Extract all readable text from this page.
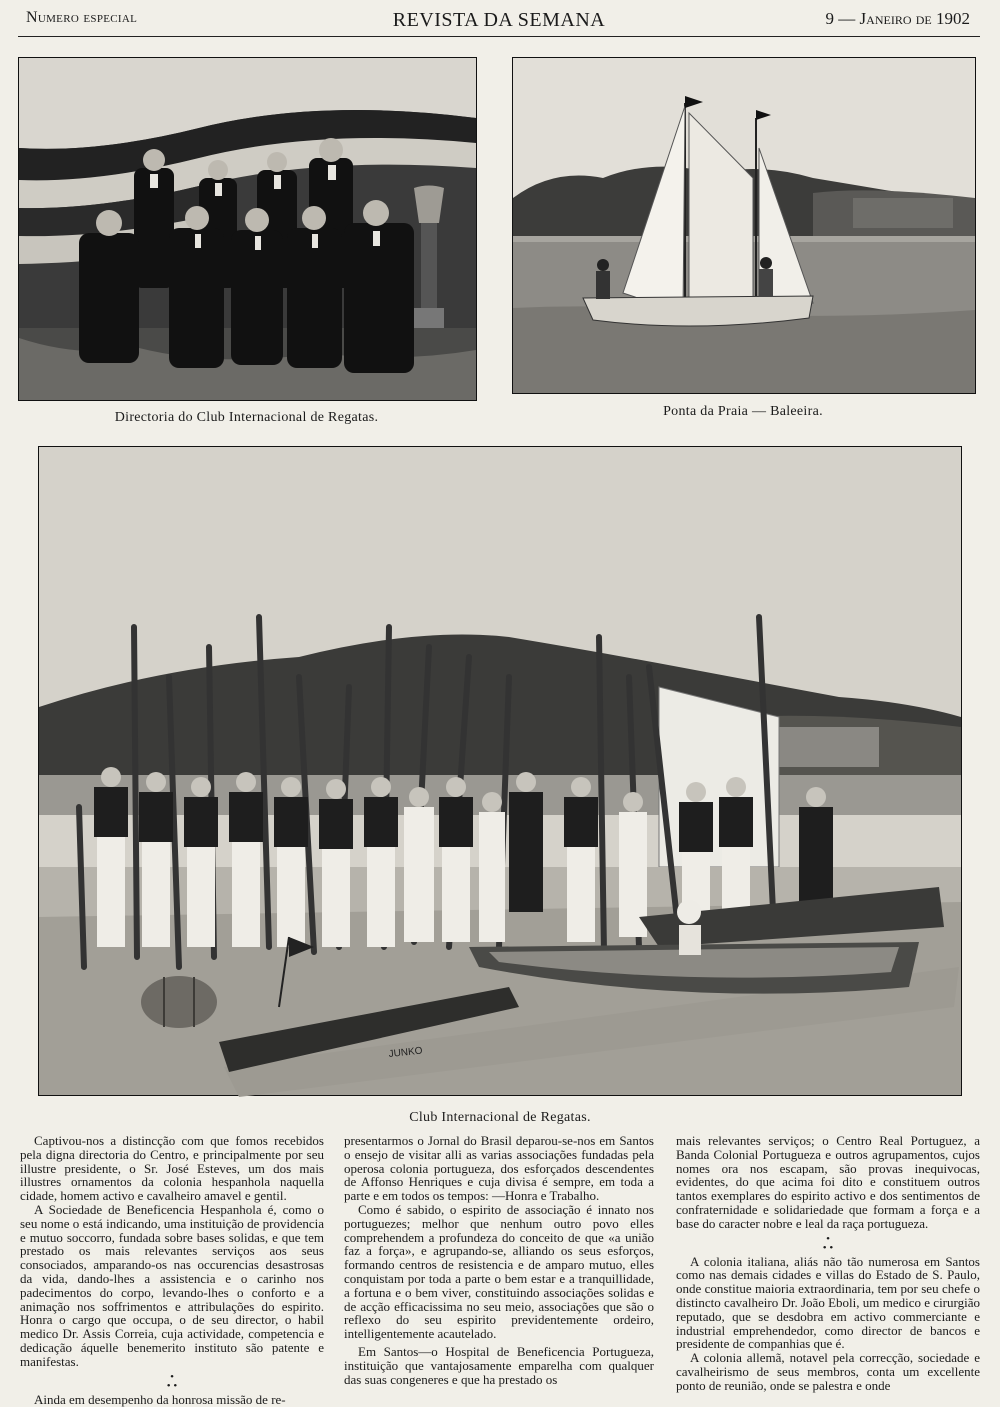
Numero especial	REVISTA DA SEMANA	9 — Janeiro de 1902
Directoria do Club Internacional de Regatas.	Ponta da Praia — Baleeira.
JUNKO
Club Internacional de Regatas.

Captivou-nos a distincção com que fomos recebidos pela digna directoria do Centro, e principalmente por seu illustre presidente, o Sr. José Esteves, um dos mais illustres ornamentos da colonia hespanhola naquella cidade, homem activo e cavalheiro amavel e gentil.

A Sociedade de Beneficencia Hespanhola é, como o seu nome o está indicando, uma instituição de providencia e mutuo soccorro, fundada sobre bases solidas, e que tem prestado os mais relevantes serviços aos seus consociados, amparando-os nas occurencias desastrosas da vida, dando-lhes a assistencia e o carinho nos padecimentos do corpo, levando-lhes o conforto e a animação nos soffrimentos e attribulações do espirito. Honra o cargo que occupa, o de seu director, o habil medico Dr. Assis Correia, cuja actividade, competencia e dedicação áquelle benemerito instituto são patente e manifestas.

•
• •

Ainda em desempenho da honrosa missão de re-

presentarmos o Jornal do Brasil deparou-se-nos em Santos o ensejo de visitar alli as varias associações fundadas pela operosa colonia portugueza, dos esforçados descendentes de Affonso Henriques e cuja divisa é sempre, em toda a parte e em todos os tempos: —Honra e Trabalho.

Como é sabido, o espirito de associação é innato nos portuguezes; melhor que nenhum outro povo elles comprehendem a profundeza do conceito de que «a união faz a força», e agrupando-se, alliando os seus esforços, formando centros de resistencia e de amparo mutuo, elles conquistam por toda a parte o bem estar e a tranquillidade, a fortuna e o bem viver, constituindo associações solidas e de acção efficacissima no seu meio, associações que são o reflexo do seu espirito previdentemente ordeiro, intelligentemente acautelado.

Em Santos—o Hospital de Beneficencia Portugueza, instituição que vantajosamente emparelha com qualquer das suas congeneres e que ha prestado os

mais relevantes serviços; o Centro Real Portuguez, a Banda Colonial Portugueza e outros agrupamentos, cujos nomes ora nos escapam, são provas inequivocas, evidentes, do que acima foi dito e constituem outros tantos exemplares do espirito activo e dos sentimentos de confraternidade e solidariedade que formam a força e a base do caracter nobre e leal da raça portugueza.

•
• •

A colonia italiana, aliás não tão numerosa em Santos como nas demais cidades e villas do Estado de S. Paulo, onde constitue maioria extraordinaria, tem por seu chefe o distincto cavalheiro Dr. João Eboli, um medico e cirurgião reputado, que se desdobra em activo commerciante e industrial emprehendedor, como director de bancos e presidente de companhias que é.

A colonia allemã, notavel pela correcção, sociedade e cavalheirismo de seus membros, conta um excellente ponto de reunião, onde se palestra e onde
